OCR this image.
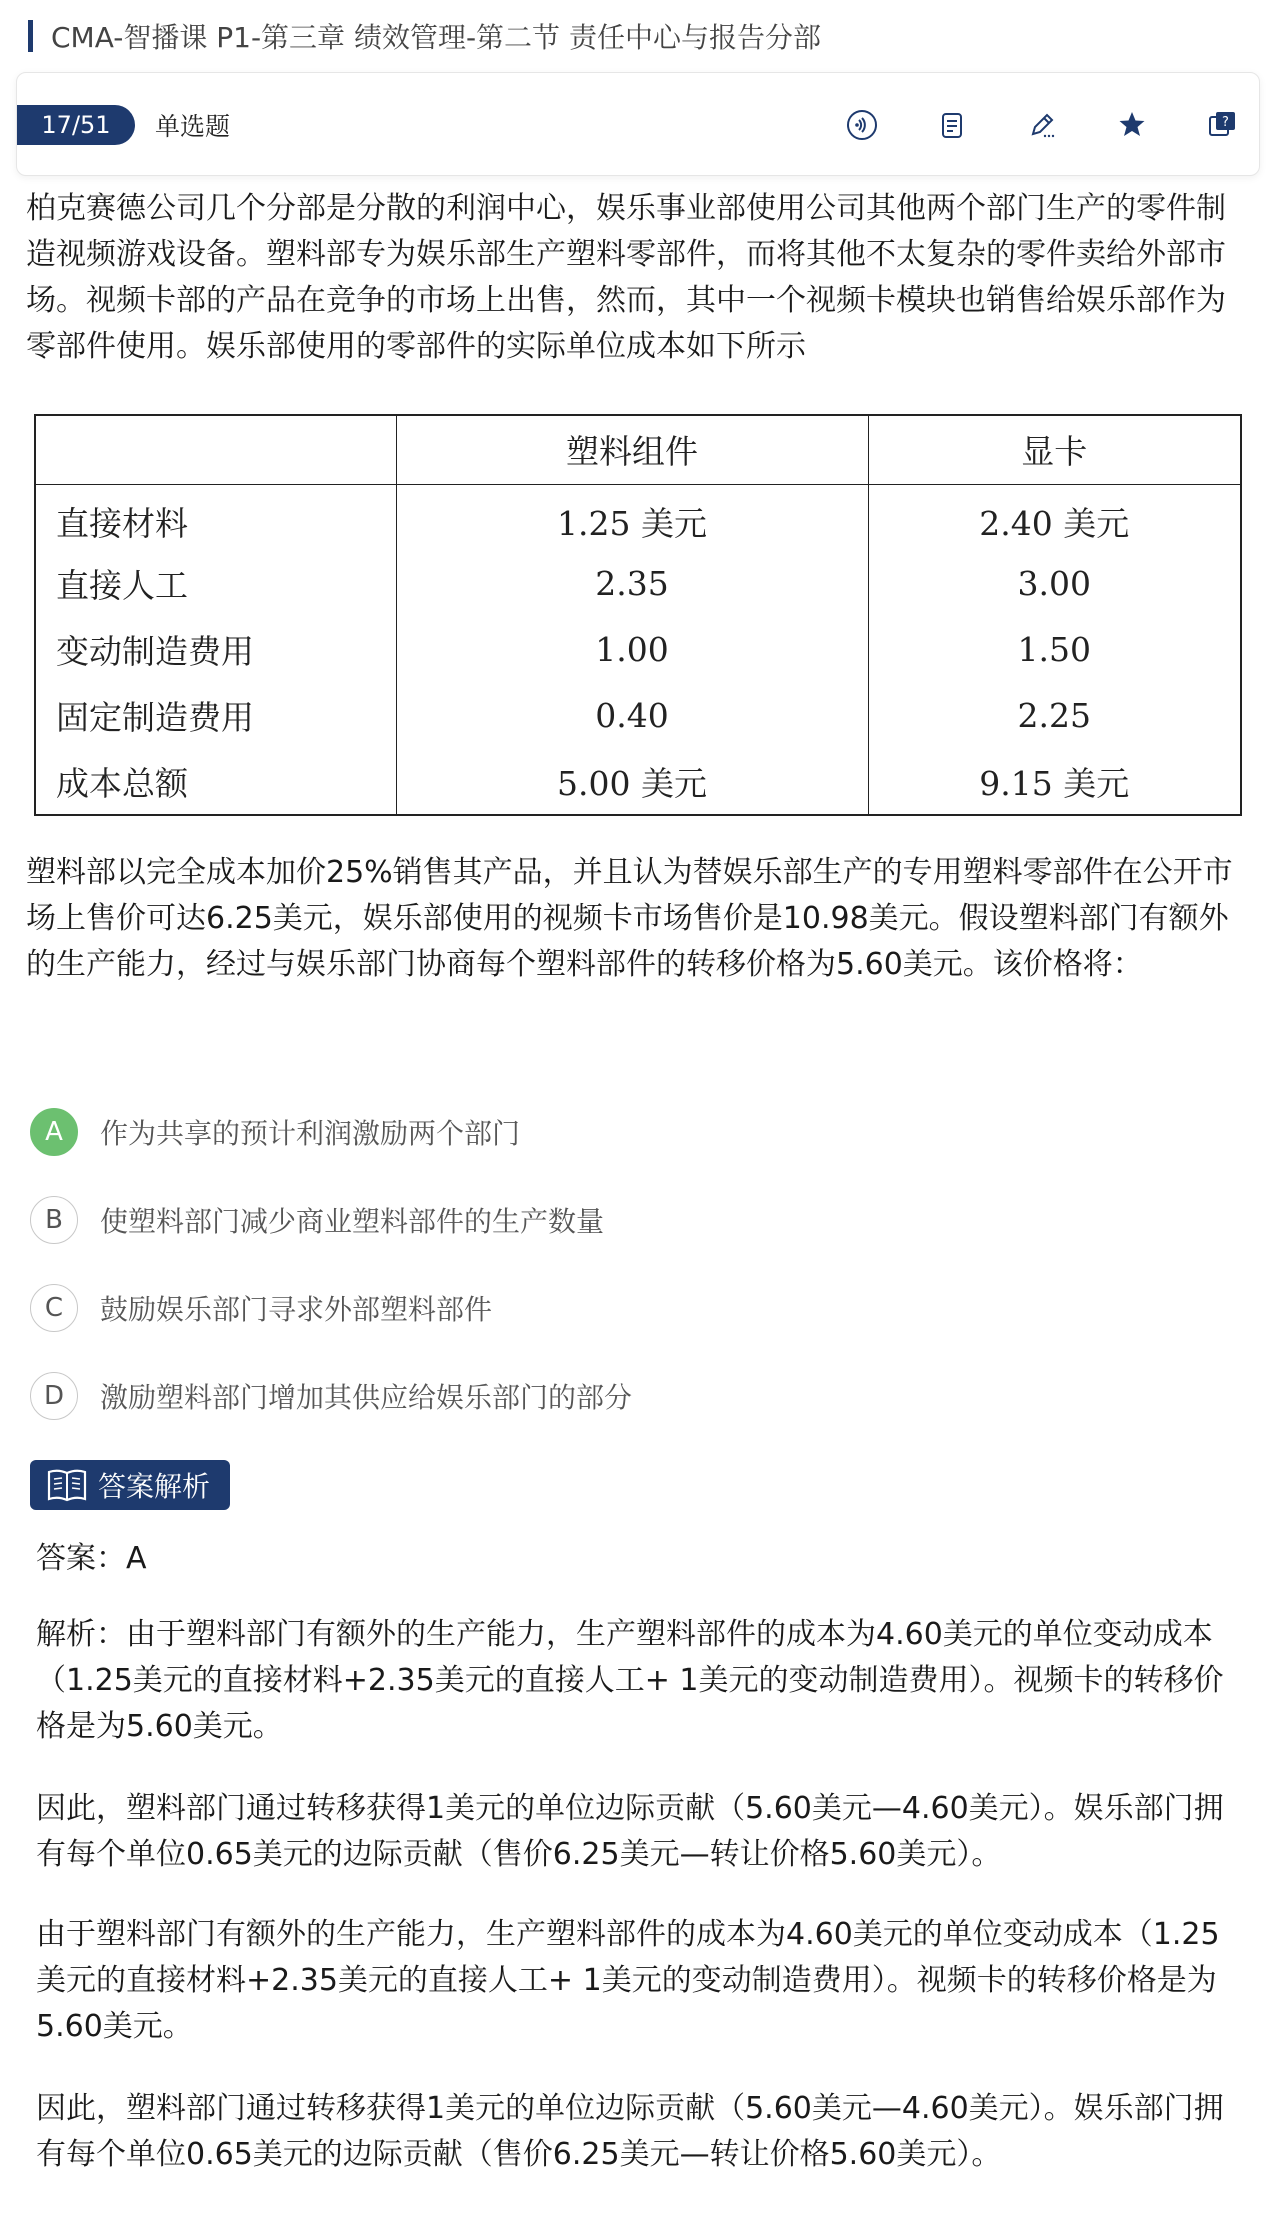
CMA-智播课 P1-第三章 绩效管理-第二节 责任中心与报告分部
17/51	单选题	?
柏克赛德公司几个分部是分散的利润中心，娱乐事业部使用公司其他两个部门生产的零件制造视频游戏设备。塑料部专为娱乐部生产塑料零部件，而将其他不太复杂的零件卖给外部市场。视频卡部的产品在竞争的市场上出售，然而，其中一个视频卡模块也销售给娱乐部作为零部件使用。娱乐部使用的零部件的实际单位成本如下所示
	塑料组件	显卡
直接材料	1.25 美元	2.40 美元
直接人工	2.35	3.00
变动制造费用	1.00	1.50
固定制造费用	0.40	2.25
成本总额	5.00 美元	9.15 美元
塑料部以完全成本加价25%销售其产品，并且认为替娱乐部生产的专用塑料零部件在公开市场上售价可达6.25美元，娱乐部使用的视频卡市场售价是10.98美元。假设塑料部门有额外的生产能力，经过与娱乐部门协商每个塑料部件的转移价格为5.60美元。该价格将：
A	作为共享的预计利润激励两个部门
B	使塑料部门减少商业塑料部件的生产数量
C	鼓励娱乐部门寻求外部塑料部件
D	激励塑料部门增加其供应给娱乐部门的部分
答案解析
答案：A
解析：由于塑料部门有额外的生产能力，生产塑料部件的成本为4.60美元的单位变动成本（1.25美元的直接材料+2.35美元的直接人工+ 1美元的变动制造费用）。视频卡的转移价格是为5.60美元。
因此，塑料部门通过转移获得1美元的单位边际贡献（5.60美元—4.60美元）。娱乐部门拥有每个单位0.65美元的边际贡献（售价6.25美元—转让价格5.60美元）。
由于塑料部门有额外的生产能力，生产塑料部件的成本为4.60美元的单位变动成本（1.25美元的直接材料+2.35美元的直接人工+ 1美元的变动制造费用）。视频卡的转移价格是为5.60美元。
因此，塑料部门通过转移获得1美元的单位边际贡献（5.60美元—4.60美元）。娱乐部门拥有每个单位0.65美元的边际贡献（售价6.25美元—转让价格5.60美元）。
